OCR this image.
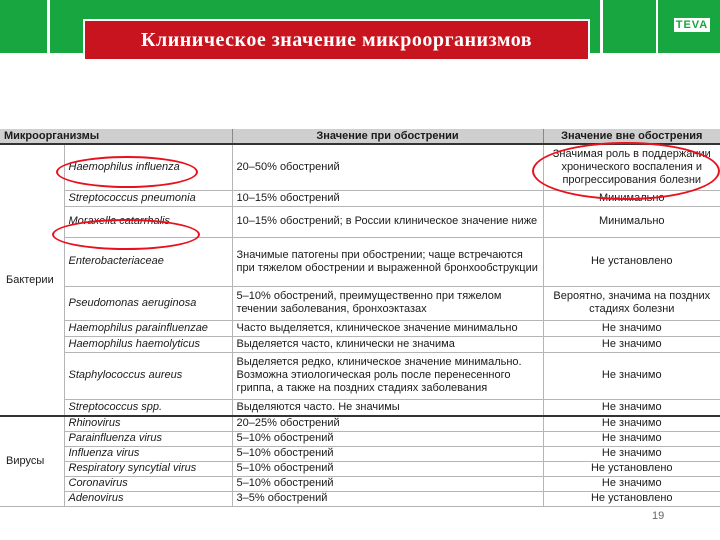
Клиническое значение микроорганизмов
TEVA
Микроорганизмы		Значение при обострении	Значение вне обострения
Бактерии	Haemophilus influenza	20–50% обострений	Значимая роль в поддержании хронического воспаления и прогрессирования болезни
	Streptococcus pneumonia	10–15% обострений	Минимально
	Moraxella catarrhalis	10–15% обострений; в России клиническое значение ниже	Минимально
	Enterobacteriaceae	Значимые патогены при обострении; чаще встречаются при тяжелом обострении и выраженной бронхообструкции	Не установлено
	Pseudomonas aeruginosa	5–10% обострений, преимущественно при тяжелом течении заболевания, бронхоэктазах	Вероятно, значима на поздних стадиях болезни
	Haemophilus parainfluenzae	Часто выделяется, клиническое значение минимально	Не значимо
	Haemophilus haemolyticus	Выделяется часто, клинически не значима	Не значимо
	Staphylococcus aureus	Выделяется редко, клиническое значение минимально. Возможна этиологическая роль после перенесенного гриппа, а также на поздних стадиях заболевания	Не значимо
	Streptococcus spp.	Выделяются часто. Не значимы	Не значимо
Вирусы	Rhinovirus	20–25% обострений	Не значимо
	Parainfluenza virus	5–10% обострений	Не значимо
	Influenza virus	5–10% обострений	Не значимо
	Respiratory syncytial virus	5–10% обострений	Не установлено
	Coronavirus	5–10% обострений	Не значимо
	Adenovirus	3–5% обострений	Не установлено
19
